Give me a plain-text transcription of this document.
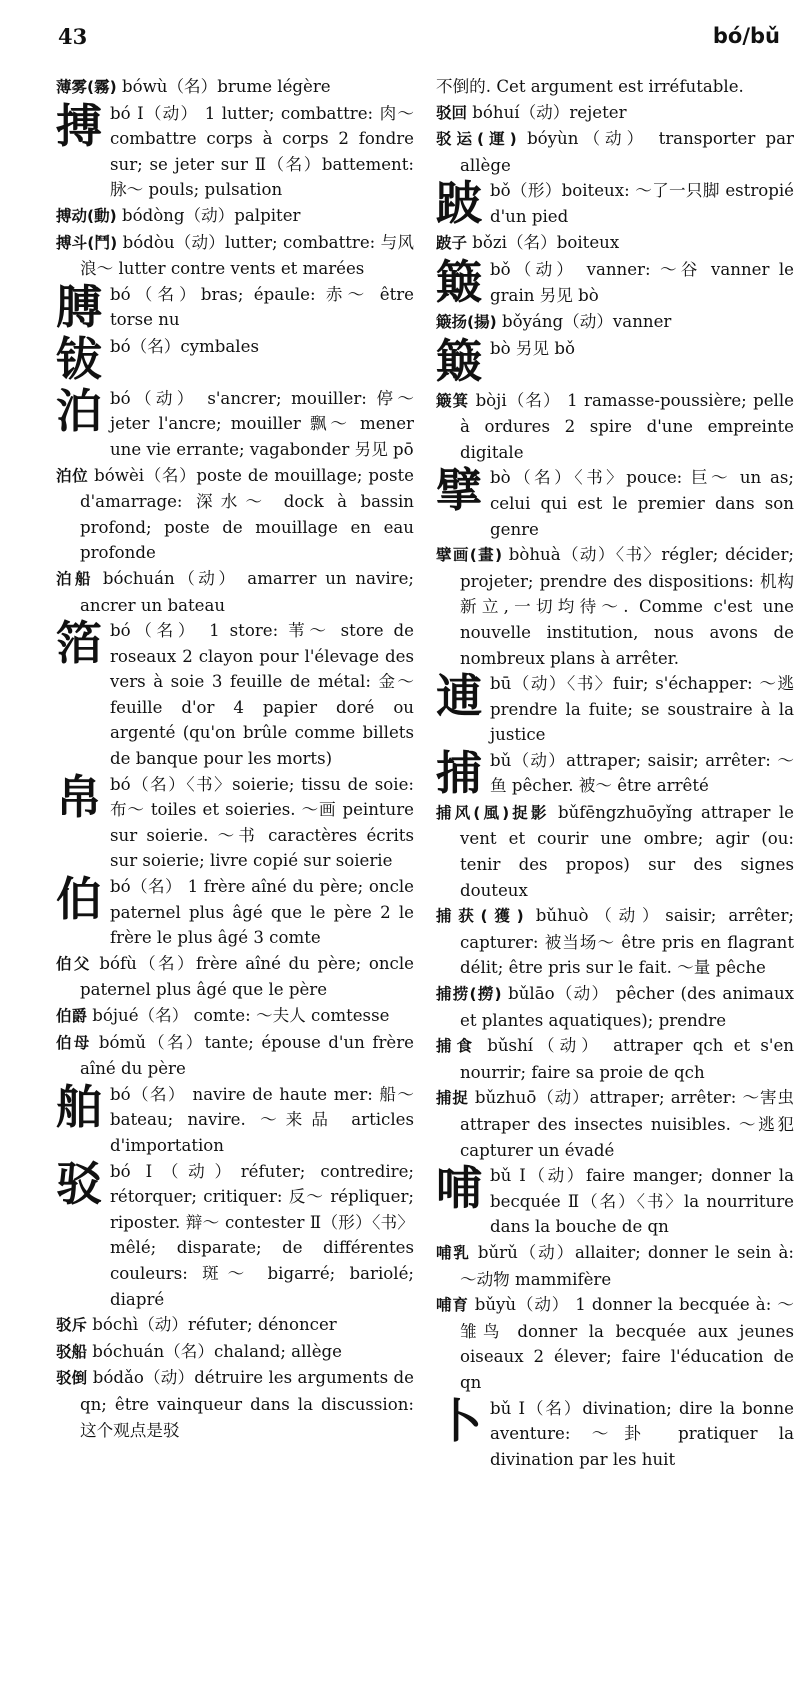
43	bó/bǔ

薄雾(霧) bówù（名）brume légère

搏 bó Ⅰ（动） 1 lutter; combattre: 肉～ combattre corps à corps 2 fondre sur; se jeter sur Ⅱ（名）battement: 脉～ pouls; pulsation

搏动(動) bódòng（动）palpiter

搏斗(鬥) bódòu（动）lutter; combattre: 与风浪～ lutter contre vents et marées

膊 bó（名）bras; épaule: 赤～ être torse nu

钹 bó（名）cymbales

泊 bó（动） s'ancrer; mouiller: 停～jeter l'ancre; mouiller 飘～ mener une vie errante; vagabonder 另见 pō

泊位 bówèi（名）poste de mouillage; poste d'amarrage: 深水～ dock à bassin profond; poste de mouillage en eau profonde

泊船 bóchuán（动） amarrer un navire; ancrer un bateau

箔 bó（名） 1 store: 苇～ store de roseaux 2 clayon pour l'élevage des vers à soie 3 feuille de métal: 金～ feuille d'or 4 papier doré ou argenté (qu'on brûle comme billets de banque pour les morts)

帛 bó（名）〈书〉soierie; tissu de soie: 布～ toiles et soieries. ～画 peinture sur soierie. ～书 caractères écrits sur soierie; livre copié sur soierie

伯 bó（名） 1 frère aîné du père; oncle paternel plus âgé que le père 2 le frère le plus âgé 3 comte

伯父 bófù（名）frère aîné du père; oncle paternel plus âgé que le père

伯爵 bójué（名） comte: ～夫人 comtesse

伯母 bómǔ（名）tante; épouse d'un frère aîné du père

舶 bó（名） navire de haute mer: 船～ bateau; navire. ～来品 articles d'importation

驳 bó Ⅰ（动）réfuter; contredire; rétorquer; critiquer: 反～ répliquer; riposter. 辩～ contester Ⅱ（形）〈书〉mêlé; disparate; de différentes couleurs: 斑～ bigarré; bariolé; diapré

驳斥 bóchì（动）réfuter; dénoncer

驳船 bóchuán（名）chaland; allège

驳倒 bódǎo（动）détruire les arguments de qn; être vainqueur dans la discussion: 这个观点是驳

不倒的. Cet argument est irréfutable.

驳回 bóhuí（动）rejeter

驳运(運) bóyùn（动） transporter par allège

跛 bǒ（形）boiteux: ～了一只脚 estropié d'un pied

跛子 bǒzi（名）boiteux

簸 bǒ（动） vanner: ～谷 vanner le grain 另见 bò

簸扬(揚) bǒyáng（动）vanner

簸 bò 另见 bǒ

簸箕 bòji（名） 1 ramasse-poussière; pelle à ordures 2 spire d'une empreinte digitale

擘 bò（名）〈书〉pouce: 巨～ un as; celui qui est le premier dans son genre

擘画(畫) bòhuà（动）〈书〉régler; décider; projeter; prendre des dispositions: 机构新立,一切均待～. Comme c'est une nouvelle institution, nous avons de nombreux plans à arrêter.

逋 bū（动）〈书〉fuir; s'échapper: ～逃 prendre la fuite; se soustraire à la justice

捕 bǔ（动）attraper; saisir; arrêter: ～鱼 pêcher. 被～ être arrêté

捕风(風)捉影 bǔfēngzhuōyǐng attraper le vent et courir une ombre; agir (ou: tenir des propos) sur des signes douteux

捕获(獲) bǔhuò（动）saisir; arrêter; capturer: 被当场～ être pris en flagrant délit; être pris sur le fait. ～量 pêche

捕捞(撈) bǔlāo（动） pêcher (des animaux et plantes aquatiques); prendre

捕食 bǔshí（动） attraper qch et s'en nourrir; faire sa proie de qch

捕捉 bǔzhuō（动）attraper; arrêter: ～害虫 attraper des insectes nuisibles. ～逃犯 capturer un évadé

哺 bǔ Ⅰ（动）faire manger; donner la becquée Ⅱ（名）〈书〉la nourriture dans la bouche de qn

哺乳 bǔrǔ（动）allaiter; donner le sein à: ～动物 mammifère

哺育 bǔyù（动） 1 donner la becquée à: ～雏鸟 donner la becquée aux jeunes oiseaux 2 élever; faire l'éducation de qn

卜 bǔ Ⅰ（名）divination; dire la bonne aventure: ～卦 pratiquer la divination par les huit
